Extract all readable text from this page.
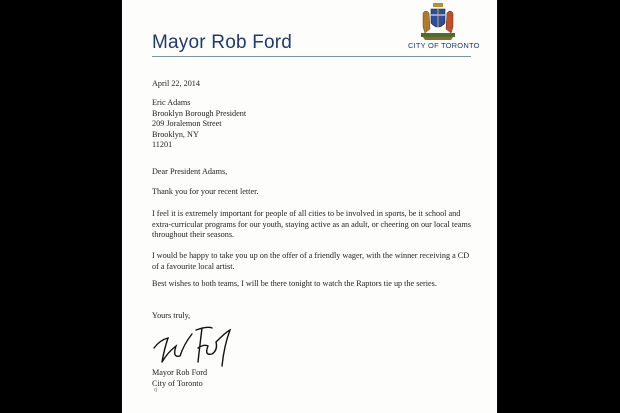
Mayor Rob Ford	CITY OF TORONTO
April 22, 2014
Eric Adams
Brooklyn Borough President
209 Joralemon Street
Brooklyn, NY
11201
Dear President Adams,
Thank you for your recent letter.
I feel it is extremely important for people of all cities to be involved in sports, be it school and extra-curricular programs for our youth, staying active as an adult, or cheering on our local teams throughout their seasons.
I would be happy to take you up on the offer of a friendly wager, with the winner receiving a CD of a favourite local artist.
Best wishes to both teams, I will be there tonight to watch the Raptors tie up the series.
Yours truly,
Mayor Rob Ford
City of Toronto
rj
